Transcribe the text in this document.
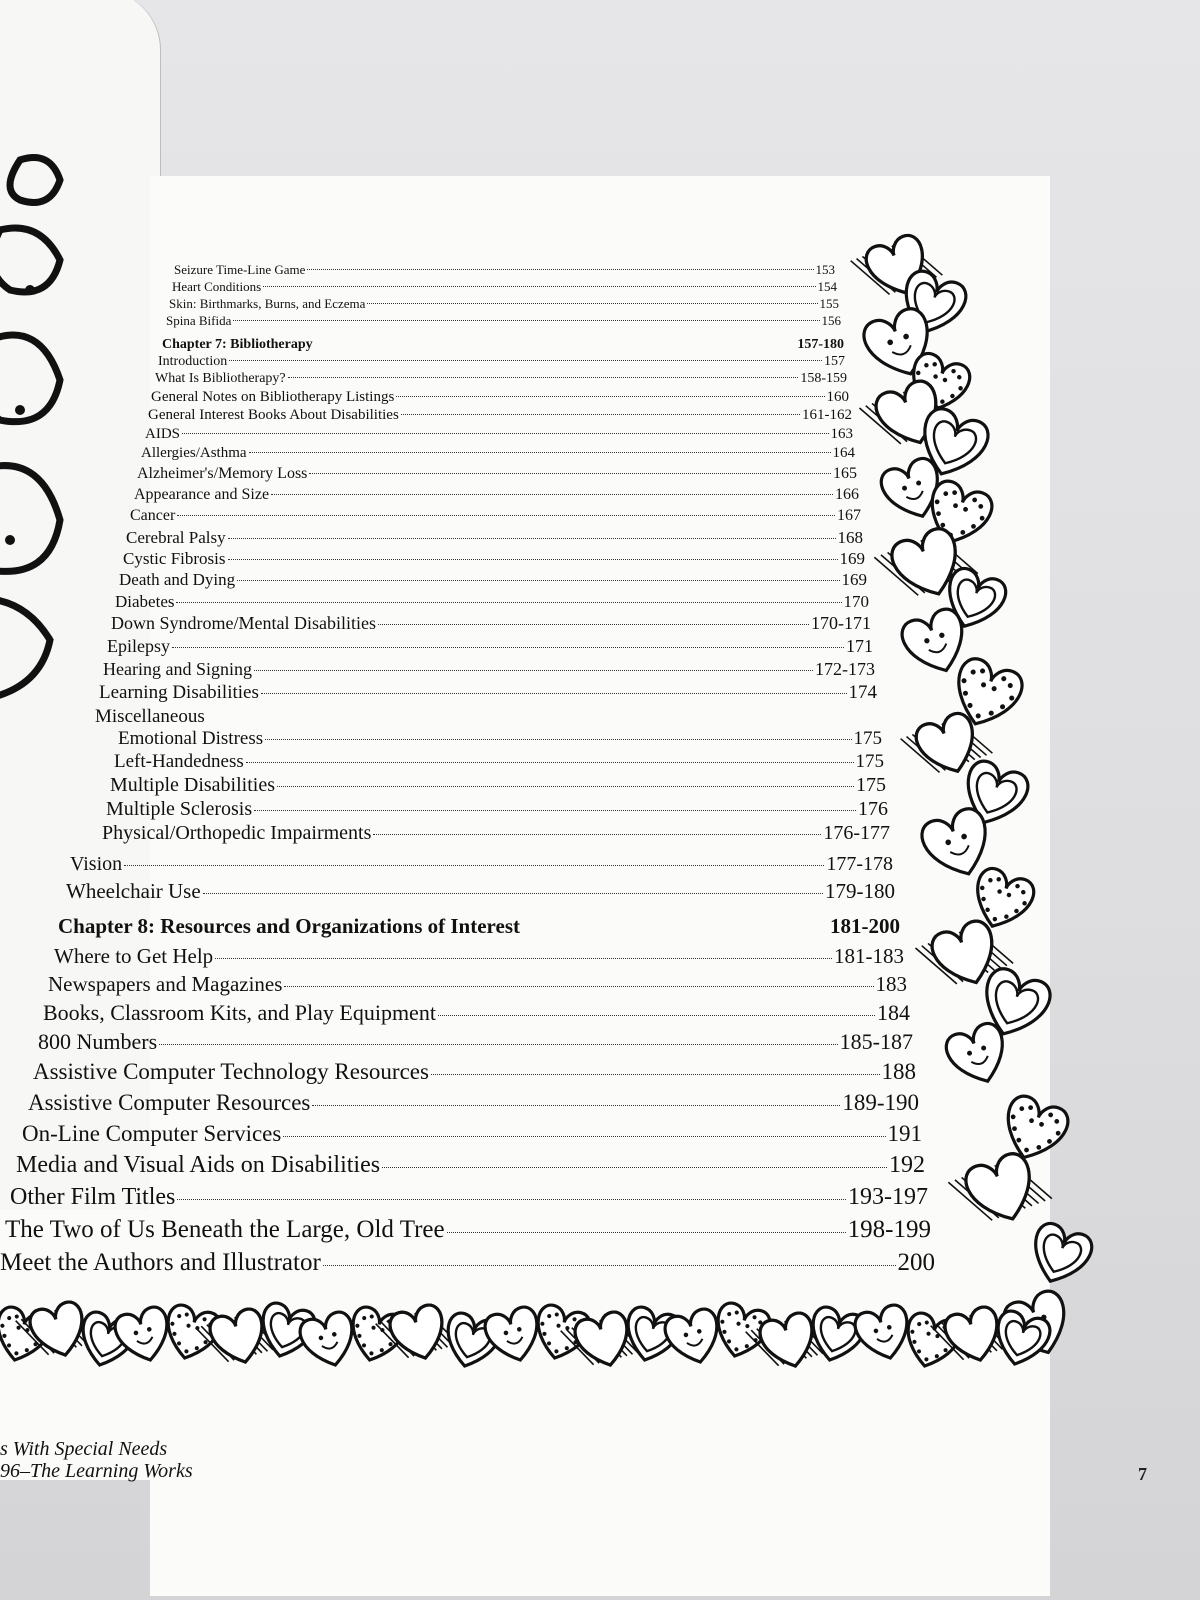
Seizure Time-Line Game	153
Heart Conditions	154
Skin: Birthmarks, Burns, and Eczema	155
Spina Bifida	156
Chapter 7: Bibliotherapy	157-180
Introduction	157
What Is Bibliotherapy?	158-159
General Notes on Bibliotherapy Listings	160
General Interest Books About Disabilities	161-162
AIDS	163
Allergies/Asthma	164
Alzheimer's/Memory Loss	165
Appearance and Size	166
Cancer	167
Cerebral Palsy	168
Cystic Fibrosis	169
Death and Dying	169
Diabetes	170
Down Syndrome/Mental Disabilities	170-171
Epilepsy	171
Hearing and Signing	172-173
Learning Disabilities	174
Miscellaneous
Emotional Distress	175
Left-Handedness	175
Multiple Disabilities	175
Multiple Sclerosis	176
Physical/Orthopedic Impairments	176-177
Vision	177-178
Wheelchair Use	179-180
Chapter 8: Resources and Organizations of Interest	181-200
Where to Get Help	181-183
Newspapers and Magazines	183
Books, Classroom Kits, and Play Equipment	184
800 Numbers	185-187
Assistive Computer Technology Resources	188
Assistive Computer Resources	189-190
On-Line Computer Services	191
Media and Visual Aids on Disabilities	192
Other Film Titles	193-197
The Two of Us Beneath the Large, Old Tree	198-199
Meet the Authors and Illustrator	200
s With Special Needs
96–The Learning Works	7
